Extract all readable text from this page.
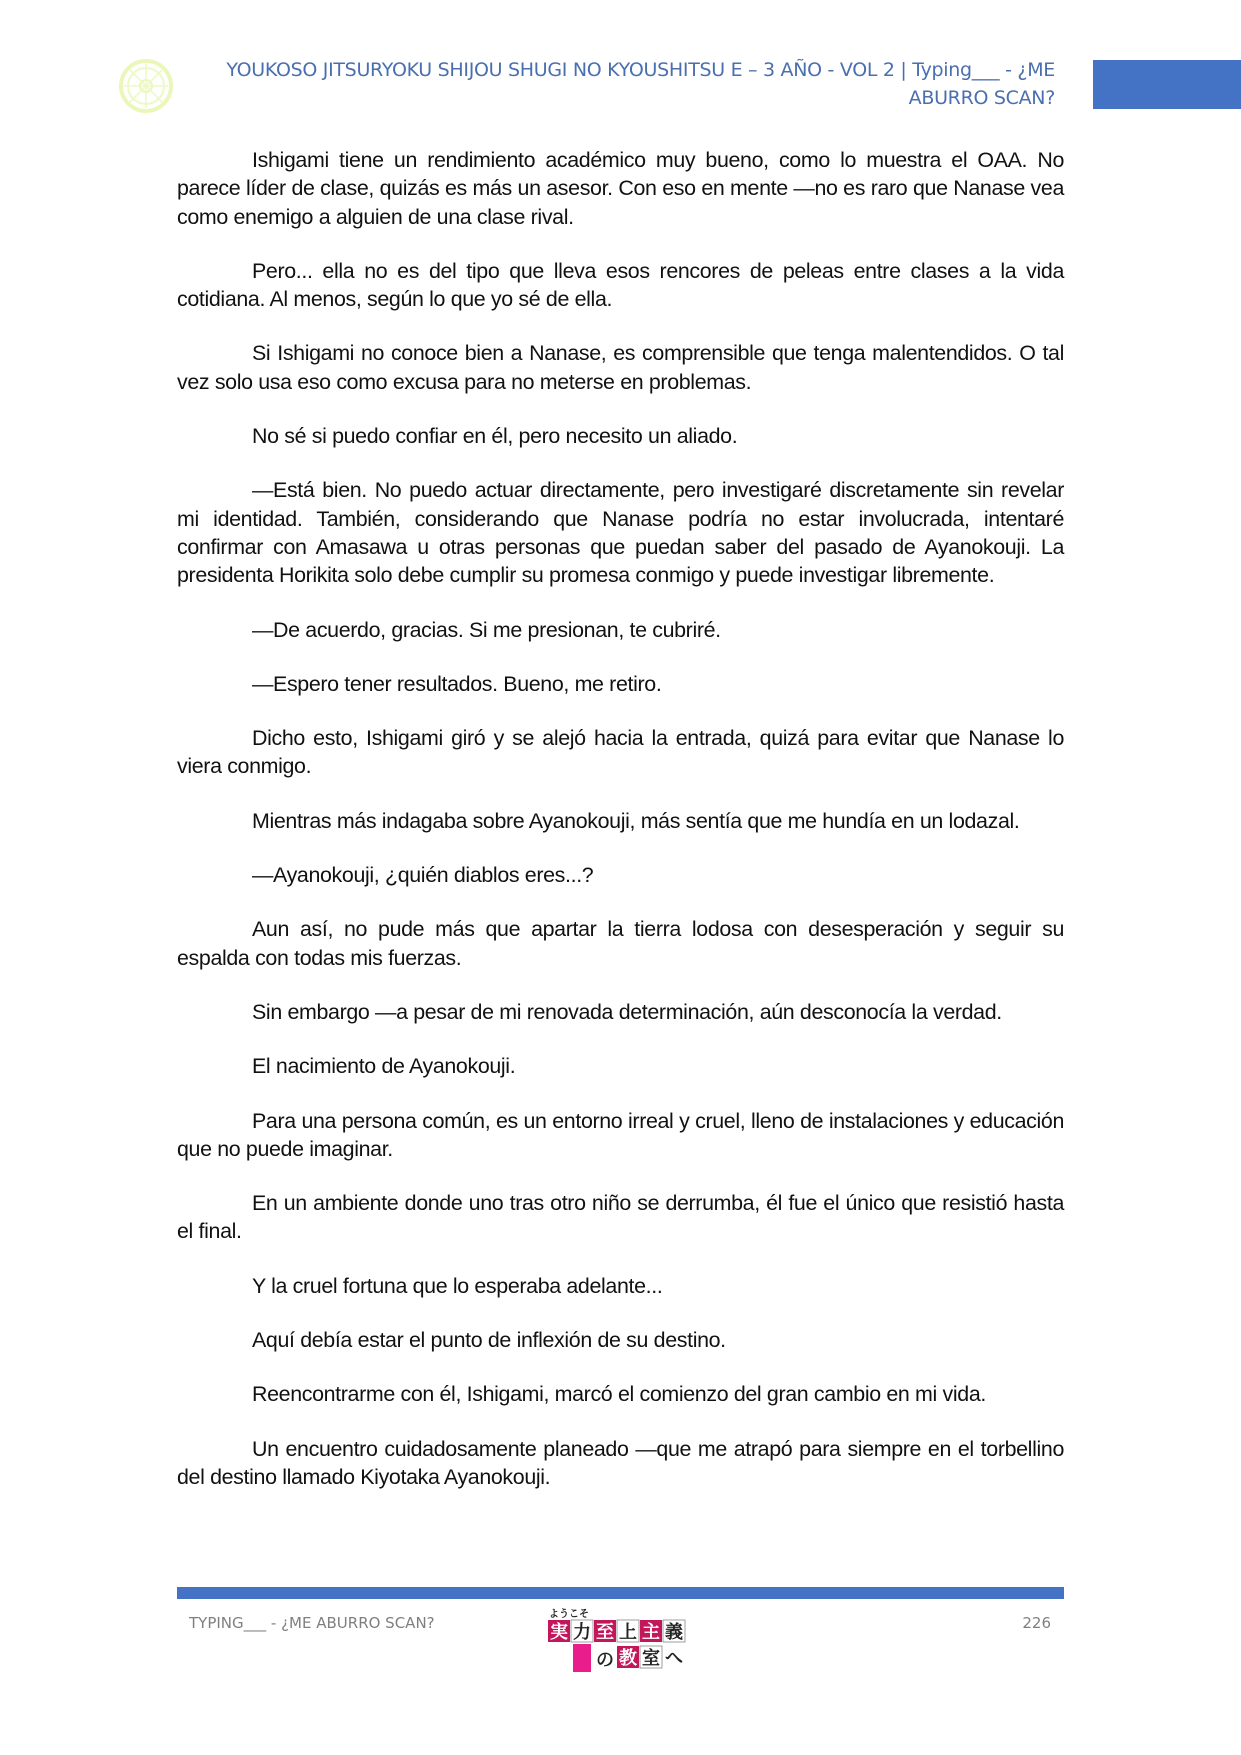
YOUKOSO JITSURYOKU SHIJOU SHUGI NO KYOUSHITSU E – 3 AÑO - VOL 2 | Typing___ - ¿ME
ABURRO SCAN?

Ishigami tiene un rendimiento académico muy bueno, como lo muestra el OAA. No parece líder de clase, quizás es más un asesor. Con eso en mente —no es raro que Nanase vea como enemigo a alguien de una clase rival.

Pero... ella no es del tipo que lleva esos rencores de peleas entre clases a la vida cotidiana. Al menos, según lo que yo sé de ella.

Si Ishigami no conoce bien a Nanase, es comprensible que tenga malentendidos. O tal vez solo usa eso como excusa para no meterse en problemas.

No sé si puedo confiar en él, pero necesito un aliado.

—Está bien. No puedo actuar directamente, pero investigaré discretamente sin revelar mi identidad. También, considerando que Nanase podría no estar involucrada, intentaré confirmar con Amasawa u otras personas que puedan saber del pasado de Ayanokouji. La presidenta Horikita solo debe cumplir su promesa conmigo y puede investigar libremente.

—De acuerdo, gracias. Si me presionan, te cubriré.

—Espero tener resultados. Bueno, me retiro.

Dicho esto, Ishigami giró y se alejó hacia la entrada, quizá para evitar que Nanase lo viera conmigo.

Mientras más indagaba sobre Ayanokouji, más sentía que me hundía en un lodazal.

—Ayanokouji, ¿quién diablos eres...?

Aun así, no pude más que apartar la tierra lodosa con desesperación y seguir su espalda con todas mis fuerzas.

Sin embargo —a pesar de mi renovada determinación, aún desconocía la verdad.

El nacimiento de Ayanokouji.

Para una persona común, es un entorno irreal y cruel, lleno de instalaciones y educación que no puede imaginar.

En un ambiente donde uno tras otro niño se derrumba, él fue el único que resistió hasta el final.

Y la cruel fortuna que lo esperaba adelante...

Aquí debía estar el punto de inflexión de su destino.

Reencontrarme con él, Ishigami, marcó el comienzo del gran cambio en mi vida.

Un encuentro cuidadosamente planeado —que me atrapó para siempre en el torbellino del destino llamado Kiyotaka Ayanokouji.

TYPING___ - ¿ME ABURRO SCAN?	ようこそ
実 力 至 上 主 義
の 教 室 へ
226
